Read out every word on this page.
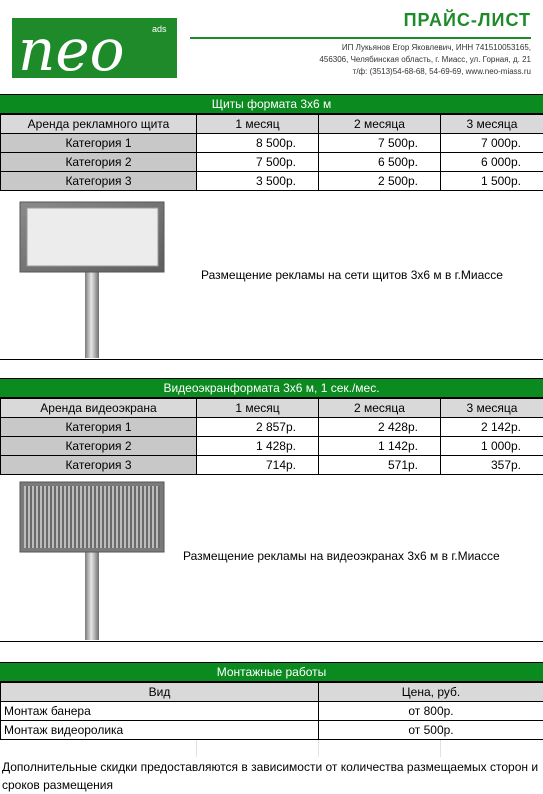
neo	ads	ПРАЙС-ЛИСТ
ИП Лукьянов Егор Яковлевич, ИНН 741510053165,
456306, Челябинская область, г. Миасс, ул. Горная, д. 21
т/ф: (3513)54-68-68, 54-69-69, www.neo-miass.ru
Щиты формата 3х6 м
Аренда рекламного щита	1 месяц	2 месяца	3 месяца
Категория 1	8 500р.	7 500р.	7 000р.
Категория 2	7 500р.	6 500р.	6 000р.
Категория 3	3 500р.	2 500р.	1 500р.
Размещение рекламы на сети щитов 3х6 м в г.Миассе
Видеоэкранформата 3х6 м, 1 сек./мес.
Аренда видеоэкрана	1 месяц	2 месяца	3 месяца
Категория 1	2 857р.	2 428р.	2 142р.
Категория 2	1 428р.	1 142р.	1 000р.
Категория 3	714р.	571р.	357р.
Размещение рекламы на видеоэкранах 3х6 м в г.Миассе
Монтажные работы
Вид	Цена, руб.
Монтаж банера	от 800р.
Монтаж видеоролика	от 500р.
Дополнительные скидки предоставляются в зависимости от количества размещаемых сторон и сроков размещения
